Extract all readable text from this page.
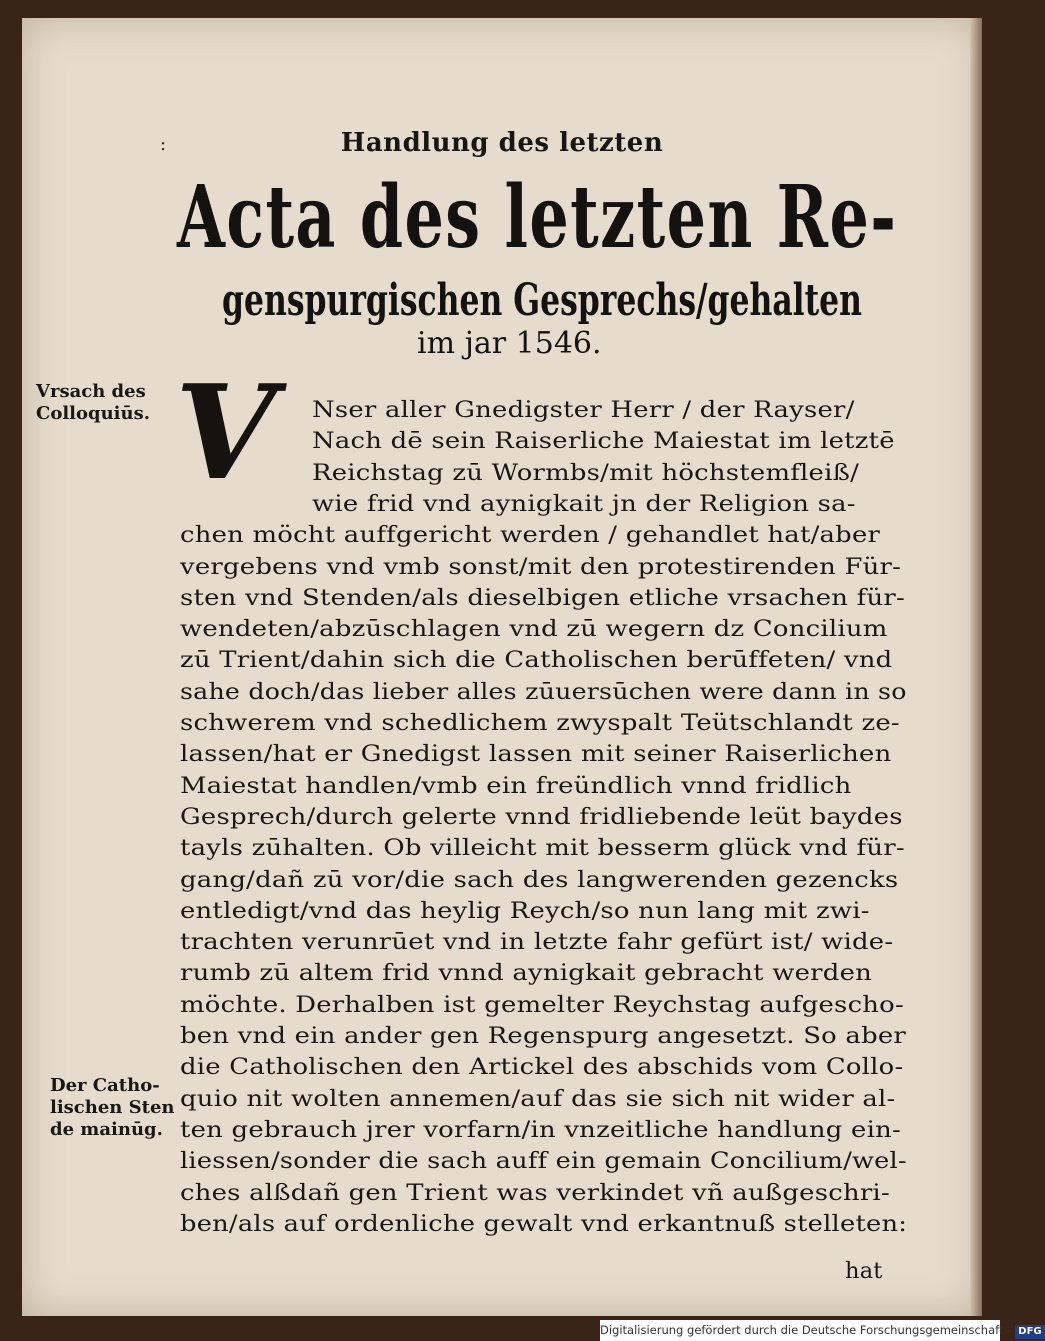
:	Handlung des letzten
Acta des letzten Re-
genspurgischen Gesprechs/gehalten
im jar 1546.
Vrsach des
Colloquiūs.
Der Catho-
lischen Sten
de mainūg.
V	Nser aller Gnedigster Herr / der Rayser/
Nach dē sein Raiserliche Maiestat im letztē
Reichstag zū Wormbs/mit höchstemfleiß/
wie frid vnd aynigkait jn der Religion sa-
chen möcht auffgericht werden / gehandlet hat/aber
vergebens vnd vmb sonst/mit den protestirenden Für-
sten vnd Stenden/als dieselbigen etliche vrsachen für-
wendeten/abzūschlagen vnd zū wegern dz Concilium
zū Trient/dahin sich die Catholischen berūffeten/ vnd
sahe doch/das lieber alles zūuersūchen were dann in so
schwerem vnd schedlichem zwyspalt Teütschlandt ze-
lassen/hat er Gnedigst lassen mit seiner Raiserlichen
Maiestat handlen/vmb ein freündlich vnnd fridlich
Gesprech/durch gelerte vnnd fridliebende leüt baydes
tayls zūhalten. Ob villeicht mit besserm glück vnd für-
gang/dañ zū vor/die sach des langwerenden gezencks
entledigt/vnd das heylig Reych/so nun lang mit zwi-
trachten verunrūet vnd in letzte fahr gefürt ist/ wide-
rumb zū altem frid vnnd aynigkait gebracht werden
möchte. Derhalben ist gemelter Reychstag aufgescho-
ben vnd ein ander gen Regenspurg angesetzt. So aber
die Catholischen den Artickel des abschids vom Collo-
quio nit wolten annemen/auf das sie sich nit wider al-
ten gebrauch jrer vorfarn/in vnzeitliche handlung ein-
liessen/sonder die sach auff ein gemain Concilium/wel-
ches alßdañ gen Trient was verkindet vñ außgeschri-
ben/als auf ordenliche gewalt vnd erkantnuß stelleten:
hat
Digitalisierung gefördert durch die Deutsche Forschungsgemeinschaft - DFG
